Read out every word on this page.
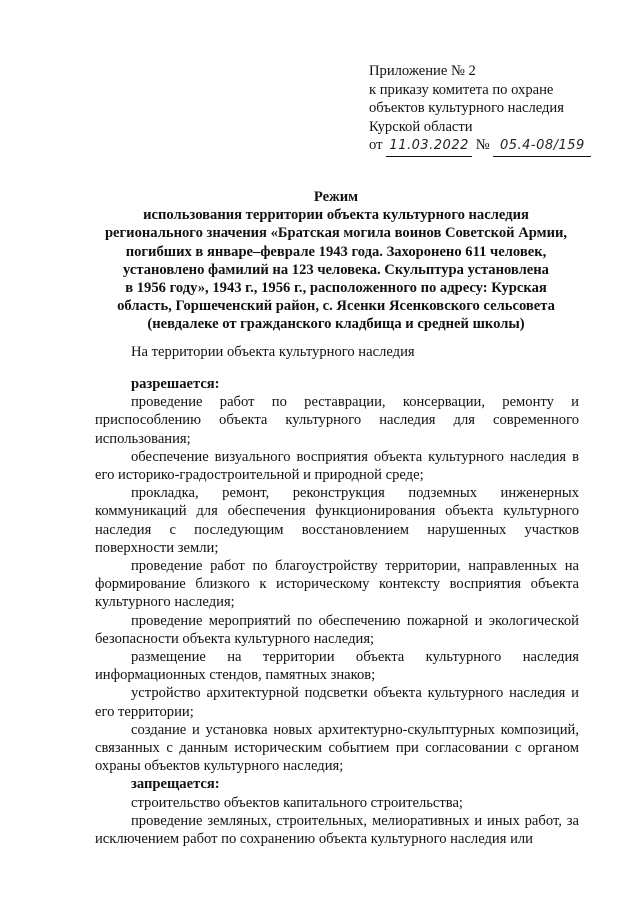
Приложение № 2
к приказу комитета по охране
объектов культурного наследия
Курской области
от 11.03.2022 № 05.4-08/159
Режим
использования территории объекта культурного наследия
регионального значения «Братская могила воинов Советской Армии,
погибших в январе–феврале 1943 года. Захоронено 611 человек,
установлено фамилий на 123 человека. Скульптура установлена
в 1956 году», 1943 г., 1956 г., расположенного по адресу: Курская
область, Горшеченский район, с. Ясенки Ясенковского сельсовета
(невдалеке от гражданского кладбища и средней школы)

На территории объекта культурного наследия

разрешается:

проведение работ по реставрации, консервации, ремонту и приспособлению объекта культурного наследия для современного использования;

обеспечение визуального восприятия объекта культурного наследия в его историко-градостроительной и природной среде;

прокладка, ремонт, реконструкция подземных инженерных коммуникаций для обеспечения функционирования объекта культурного наследия с последующим восстановлением нарушенных участков поверхности земли;

проведение работ по благоустройству территории, направленных на формирование близкого к историческому контексту восприятия объекта культурного наследия;

проведение мероприятий по обеспечению пожарной и экологической безопасности объекта культурного наследия;

размещение на территории объекта культурного наследия информационных стендов, памятных знаков;

устройство архитектурной подсветки объекта культурного наследия и его территории;

создание и установка новых архитектурно-скульптурных композиций, связанных с данным историческим событием при согласовании с органом охраны объектов культурного наследия;

запрещается:

строительство объектов капитального строительства;

проведение земляных, строительных, мелиоративных и иных работ, за исключением работ по сохранению объекта культурного наследия или
